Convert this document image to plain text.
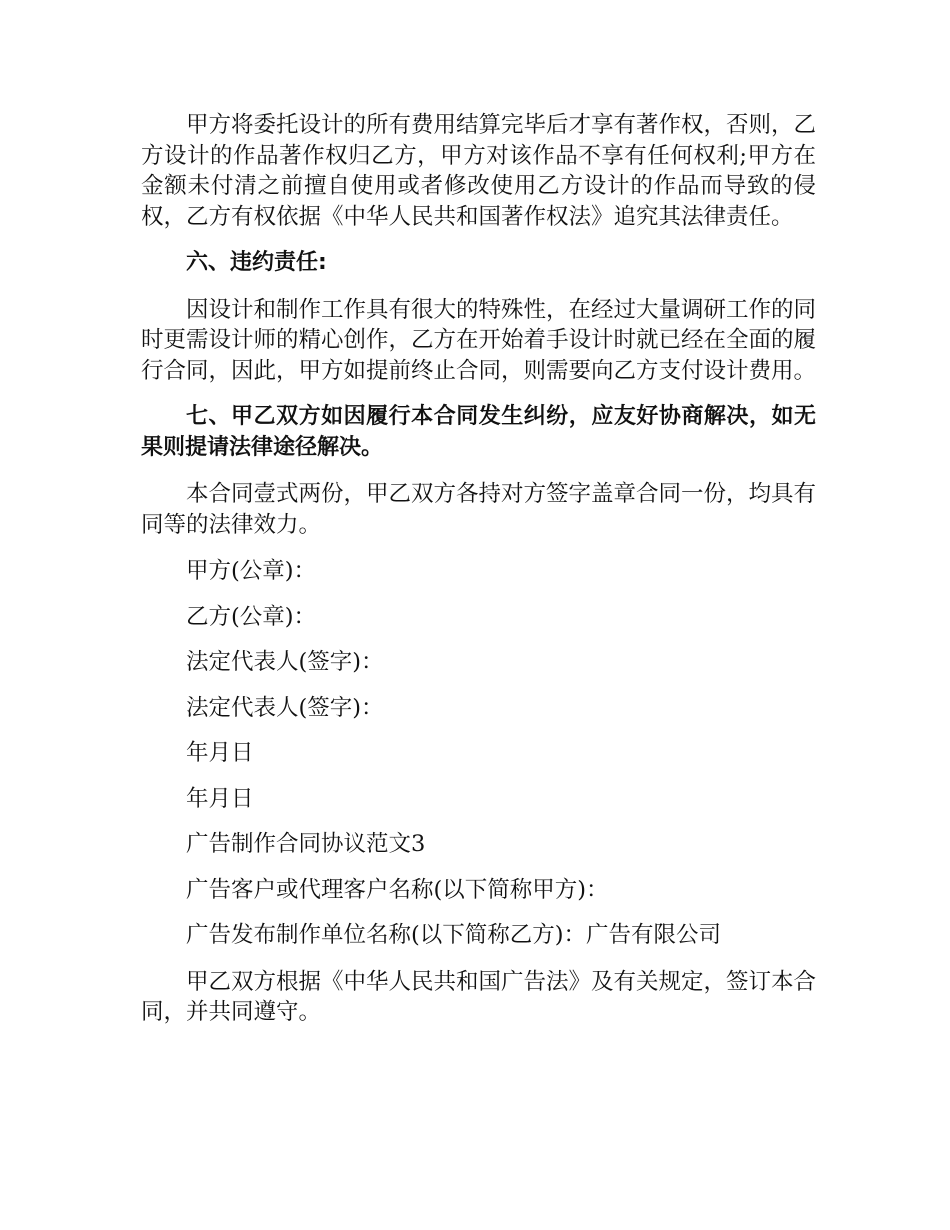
甲方将委托设计的所有费用结算完毕后才享有著作权，否则，乙方设计的作品著作权归乙方，甲方对该作品不享有任何权利;甲方在金额未付清之前擅自使用或者修改使用乙方设计的作品而导致的侵权，乙方有权依据《中华人民共和国著作权法》追究其法律责任。

六、违约责任:

因设计和制作工作具有很大的特殊性，在经过大量调研工作的同时更需设计师的精心创作，乙方在开始着手设计时就已经在全面的履行合同，因此，甲方如提前终止合同，则需要向乙方支付设计费用。

七、甲乙双方如因履行本合同发生纠纷，应友好协商解决，如无果则提请法律途径解决。

本合同壹式两份，甲乙双方各持对方签字盖章合同一份，均具有同等的法律效力。

甲方(公章)：

乙方(公章)：

法定代表人(签字)：

法定代表人(签字)：

年月日

年月日

广告制作合同协议范文3

广告客户或代理客户名称(以下简称甲方)：

广告发布制作单位名称(以下简称乙方)：广告有限公司

甲乙双方根据《中华人民共和国广告法》及有关规定，签订本合同，并共同遵守。
